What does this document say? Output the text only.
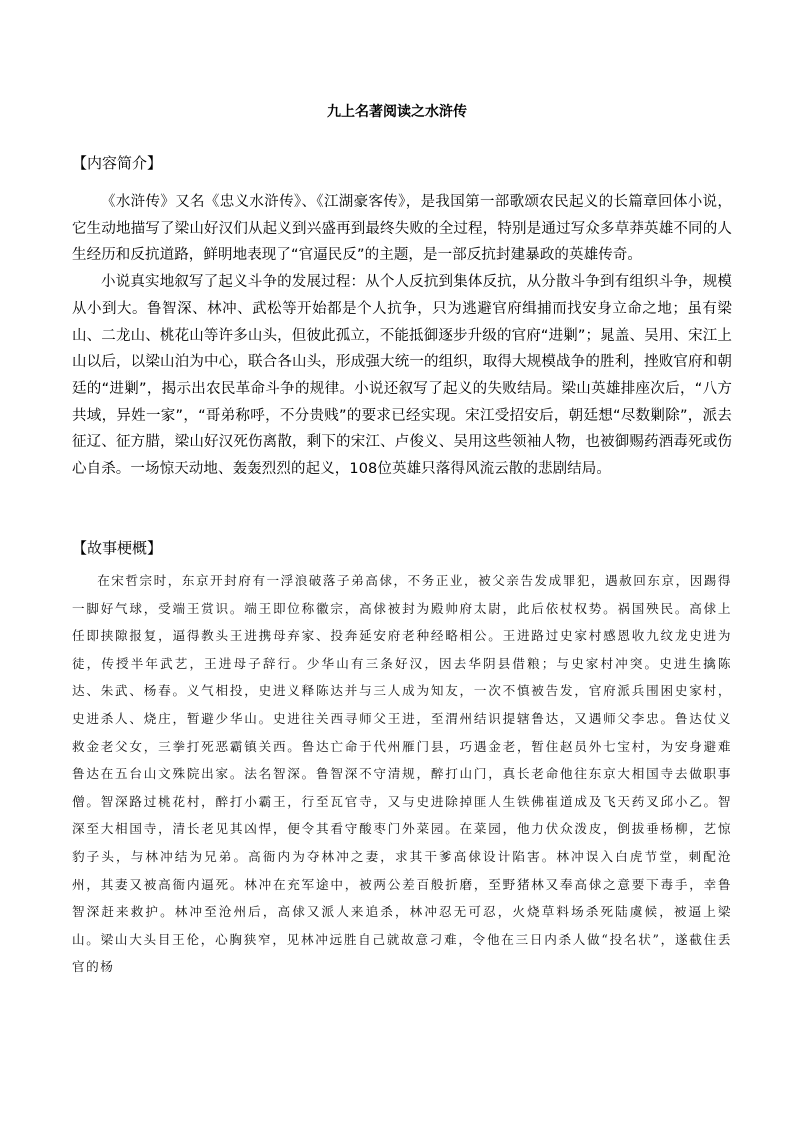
九上名著阅读之水浒传
【内容简介】

《水浒传》又名《忠义水浒传》、《江湖豪客传》，是我国第一部歌颂农民起义的长篇章回体小说，它生动地描写了梁山好汉们从起义到兴盛再到最终失败的全过程，特别是通过写众多草莽英雄不同的人生经历和反抗道路，鲜明地表现了“官逼民反”的主题，是一部反抗封建暴政的英雄传奇。

小说真实地叙写了起义斗争的发展过程：从个人反抗到集体反抗，从分散斗争到有组织斗争，规模从小到大。鲁智深、林冲、武松等开始都是个人抗争，只为逃避官府缉捕而找安身立命之地；虽有梁山、二龙山、桃花山等许多山头，但彼此孤立，不能抵御逐步升级的官府“进剿”；晁盖、吴用、宋江上山以后，以梁山泊为中心，联合各山头，形成强大统一的组织，取得大规模战争的胜利，挫败官府和朝廷的“进剿”，揭示出农民革命斗争的规律。小说还叙写了起义的失败结局。梁山英雄排座次后，“八方共域，异姓一家”，“哥弟称呼，不分贵贱”的要求已经实现。宋江受招安后，朝廷想“尽数剿除”，派去征辽、征方腊，梁山好汉死伤离散，剩下的宋江、卢俊义、吴用这些领袖人物，也被御赐药酒毒死或伤心自杀。一场惊天动地、轰轰烈烈的起义，108位英雄只落得风流云散的悲剧结局。

【故事梗概】

在宋哲宗时，东京开封府有一浮浪破落子弟高俅，不务正业，被父亲告发成罪犯，遇赦回东京，因踢得一脚好气球，受端王赏识。端王即位称徽宗，高俅被封为殿帅府太尉，此后依杖权势。祸国殃民。高俅上任即挟隙报复，逼得教头王进携母弃家、投奔延安府老种经略相公。王进路过史家村感恩收九纹龙史进为徒，传授半年武艺，王进母子辞行。少华山有三条好汉，因去华阴县借粮；与史家村冲突。史进生擒陈达、朱武、杨春。义气相投，史进义释陈达并与三人成为知友，一次不慎被告发，官府派兵围困史家村，史进杀人、烧庄，暂避少华山。史进往关西寻师父王进，至渭州结识提辖鲁达，又遇师父李忠。鲁达仗义救金老父女，三拳打死恶霸镇关西。鲁达亡命于代州雁门县，巧遇金老，暂住赵员外七宝村，为安身避难鲁达在五台山文殊院出家。法名智深。鲁智深不守清规，醉打山门，真长老命他往东京大相国寺去做职事僧。智深路过桃花村，醉打小霸王，行至瓦官寺，又与史进除掉匪人生铁佛崔道成及飞天药叉邱小乙。智深至大相国寺，清长老见其凶悍，便令其看守酸枣门外菜园。在菜园，他力伏众泼皮，倒拔垂杨柳，艺惊豹子头，与林冲结为兄弟。高衙内为夺林冲之妻，求其干爹高俅设计陷害。林冲误入白虎节堂，刺配沧州，其妻又被高衙内逼死。林冲在充军途中，被两公差百般折磨，至野猪林又奉高俅之意要下毒手，幸鲁智深赶来救护。林冲至沧州后，高俅又派人来追杀，林冲忍无可忍，火烧草料场杀死陆虞候，被逼上梁山。梁山大头目王伦，心胸狭窄，见林冲远胜自己就故意刁难，令他在三日内杀人做“投名状”，遂截住丢官的杨
